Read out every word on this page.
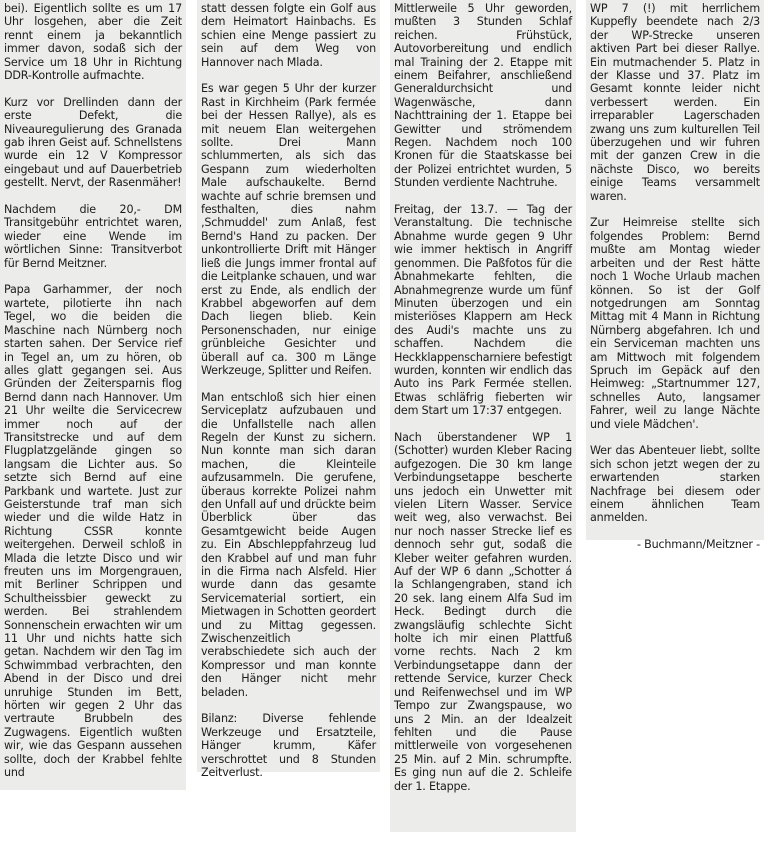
bei). Eigentlich sollte es um 17 Uhr losgehen, aber die Zeit rennt einem ja bekanntlich immer davon, sodaß sich der Service um 18 Uhr in Richtung DDR-Kontrolle aufmachte.

Kurz vor Drellinden dann der erste Defekt, die Niveauregulierung des Granada gab ihren Geist auf. Schnellstens wurde ein 12 V Kompressor eingebaut und auf Dauerbetrieb gestellt. Nervt, der Rasenmäher!

Nachdem die 20,- DM Transitgebühr entrichtet waren, wieder eine Wende im wörtlichen Sinne: Transitverbot für Bernd Meitzner.

Papa Garhammer, der noch wartete, pilotierte ihn nach Tegel, wo die beiden die Maschine nach Nürnberg noch starten sahen. Der Service rief in Tegel an, um zu hören, ob alles glatt gegangen sei. Aus Gründen der Zeitersparnis flog Bernd dann nach Hannover. Um 21 Uhr weilte die Servicecrew immer noch auf der Transitstrecke und auf dem Flugplatzgelände gingen so langsam die Lichter aus. So setzte sich Bernd auf eine Parkbank und wartete. Just zur Geisterstunde traf man sich wieder und die wilde Hatz in Richtung CSSR konnte weitergehen. Derweil schloß in Mlada die letzte Disco und wir freuten uns im Morgengrauen, mit Berliner Schrippen und Schultheissbier geweckt zu werden. Bei strahlendem Sonnenschein erwachten wir um 11 Uhr und nichts hatte sich getan. Nachdem wir den Tag im Schwimmbad verbrachten, den Abend in der Disco und drei unruhige Stunden im Bett, hörten wir gegen 2 Uhr das vertraute Brubbeln des Zugwagens. Eigentlich wußten wir, wie das Gespann aussehen sollte, doch der Krabbel fehlte und

statt dessen folgte ein Golf aus dem Heimatort Hainbachs. Es schien eine Menge passiert zu sein auf dem Weg von Hannover nach Mlada.

Es war gegen 5 Uhr der kurzer Rast in Kirchheim (Park fermée bei der Hessen Rallye), als es mit neuem Elan weitergehen sollte. Drei Mann schlummerten, als sich das Gespann zum wiederholten Male aufschaukelte. Bernd wachte auf schrie bremsen und festhalten, dies nahm ‚Schmuddel' zum Anlaß, fest Bernd's Hand zu packen. Der unkontrollierte Drift mit Hänger ließ die Jungs immer frontal auf die Leitplanke schauen, und war erst zu Ende, als endlich der Krabbel abgeworfen auf dem Dach liegen blieb. Kein Personenschaden, nur einige grünbleiche Gesichter und überall auf ca. 300 m Länge Werkzeuge, Splitter und Reifen.

Man entschloß sich hier einen Serviceplatz aufzubauen und die Unfallstelle nach allen Regeln der Kunst zu sichern. Nun konnte man sich daran machen, die Kleinteile aufzusammeln. Die gerufene, überaus korrekte Polizei nahm den Unfall auf und drückte beim Überblick über das Gesamtgewicht beide Augen zu. Ein Abschleppfahrzeug lud den Krabbel auf und man fuhr in die Firma nach Alsfeld. Hier wurde dann das gesamte Servicematerial sortiert, ein Mietwagen in Schotten geordert und zu Mittag gegessen. Zwischenzeitlich verabschiedete sich auch der Kompressor und man konnte den Hänger nicht mehr beladen.

Bilanz: Diverse fehlende Werkzeuge und Ersatzteile, Hänger krumm, Käfer verschrottet und 8 Stunden Zeitverlust.

Mittlerweile 5 Uhr geworden, mußten 3 Stunden Schlaf reichen. Frühstück, Autovorbereitung und endlich mal Training der 2. Etappe mit einem Beifahrer, anschließend Generaldurchsicht und Wagenwäsche, dann Nachttraining der 1. Etappe bei Gewitter und strömendem Regen. Nachdem noch 100 Kronen für die Staatskasse bei der Polizei entrichtet wurden, 5 Stunden verdiente Nachtruhe.

Freitag, der 13.7. — Tag der Veranstaltung. Die technische Abnahme wurde gegen 9 Uhr wie immer hektisch in Angriff genommen. Die Paßfotos für die Abnahmekarte fehlten, die Abnahmegrenze wurde um fünf Minuten überzogen und ein misteriöses Klappern am Heck des Audi's machte uns zu schaffen. Nachdem die Heckklappenscharniere befestigt wurden, konnten wir endlich das Auto ins Park Fermée stellen. Etwas schläfrig fieberten wir dem Start um 17:37 entgegen.

Nach überstandener WP 1 (Schotter) wurden Kleber Racing aufgezogen. Die 30 km lange Verbindungsetappe bescherte uns jedoch ein Unwetter mit vielen Litern Wasser. Service weit weg, also verwachst. Bei nur noch nasser Strecke lief es dennoch sehr gut, sodaß die Kleber weiter gefahren wurden. Auf der WP 6 dann „Schotter á la Schlangengraben, stand ich 20 sek. lang einem Alfa Sud im Heck. Bedingt durch die zwangsläufig schlechte Sicht holte ich mir einen Plattfuß vorne rechts. Nach 2 km Verbindungsetappe dann der rettende Service, kurzer Check und Reifenwechsel und im WP Tempo zur Zwangspause, wo uns 2 Min. an der Idealzeit fehlten und die Pause mittlerweile von vorgesehenen 25 Min. auf 2 Min. schrumpfte. Es ging nun auf die 2. Schleife der 1. Etappe.

WP 7 (!) mit herrlichem Kuppefly beendete nach 2/3 der WP-Strecke unseren aktiven Part bei dieser Rallye. Ein mutmachender 5. Platz in der Klasse und 37. Platz im Gesamt konnte leider nicht verbessert werden. Ein irreparabler Lagerschaden zwang uns zum kulturellen Teil überzugehen und wir fuhren mit der ganzen Crew in die nächste Disco, wo bereits einige Teams versammelt waren.

Zur Heimreise stellte sich folgendes Problem: Bernd mußte am Montag wieder arbeiten und der Rest hätte noch 1 Woche Urlaub machen können. So ist der Golf notgedrungen am Sonntag Mittag mit 4 Mann in Richtung Nürnberg abgefahren. Ich und ein Serviceman machten uns am Mittwoch mit folgendem Spruch im Gepäck auf den Heimweg: „Startnummer 127, schnelles Auto, langsamer Fahrer, weil zu lange Nächte und viele Mädchen'.

Wer das Abenteuer liebt, sollte sich schon jetzt wegen der zu erwartenden starken Nachfrage bei diesem oder einem ähnlichen Team anmelden.

- Buchmann/Meitzner -
